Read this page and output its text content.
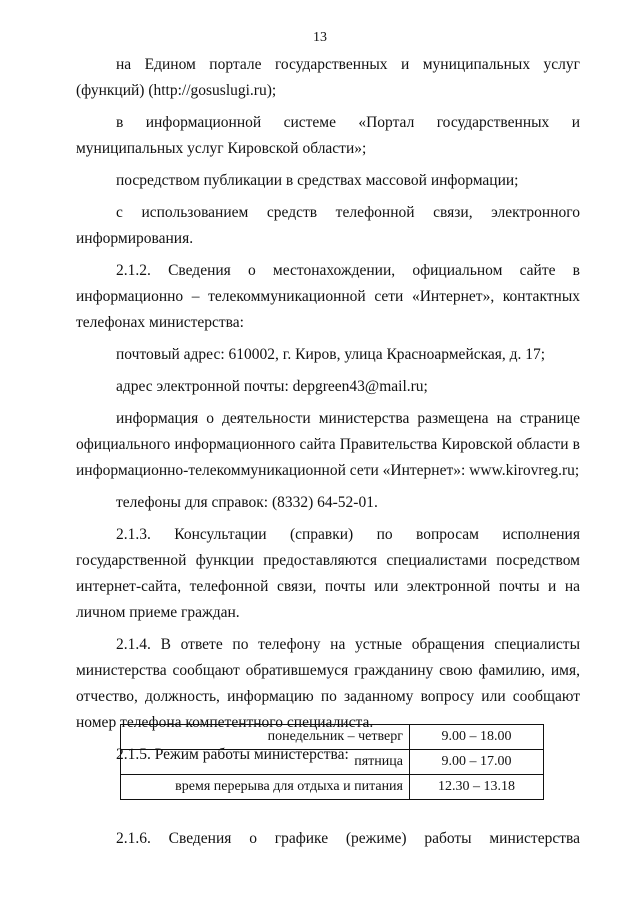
13

на Едином портале государственных и муниципальных услуг

(функций) (http://gosuslugi.ru);

в информационной системе «Портал государственных и

муниципальных услуг Кировской области»;

посредством публикации в средствах массовой информации;

с использованием средств телефонной связи, электронного

информирования.

2.1.2. Сведения о местонахождении, официальном сайте в

информационно – телекоммуникационной сети «Интернет», контактных

телефонах министерства:

почтовый адрес: 610002, г. Киров, улица Красноармейская, д. 17;

адрес электронной почты: depgreen43@mail.ru;

информация о деятельности министерства размещена на странице

официального информационного сайта Правительства Кировской области в

информационно-телекоммуникационной сети «Интернет»: www.kirovreg.ru;

телефоны для справок: (8332) 64-52-01.

2.1.3. Консультации (справки) по вопросам исполнения

государственной функции предоставляются специалистами посредством

интернет-сайта, телефонной связи, почты или электронной почты и на

личном приеме граждан.

2.1.4. В ответе по телефону на устные обращения специалисты

министерства сообщают обратившемуся гражданину свою фамилию, имя,

отчество, должность, информацию по заданному вопросу или сообщают

номер телефона компетентного специалиста.

2.1.5. Режим работы министерства:

понедельник – четверг	9.00 – 18.00
пятница	9.00 – 17.00
время перерыва для отдыха и питания	12.30 – 13.18

2.1.6. Сведения о графике (режиме) работы министерства
